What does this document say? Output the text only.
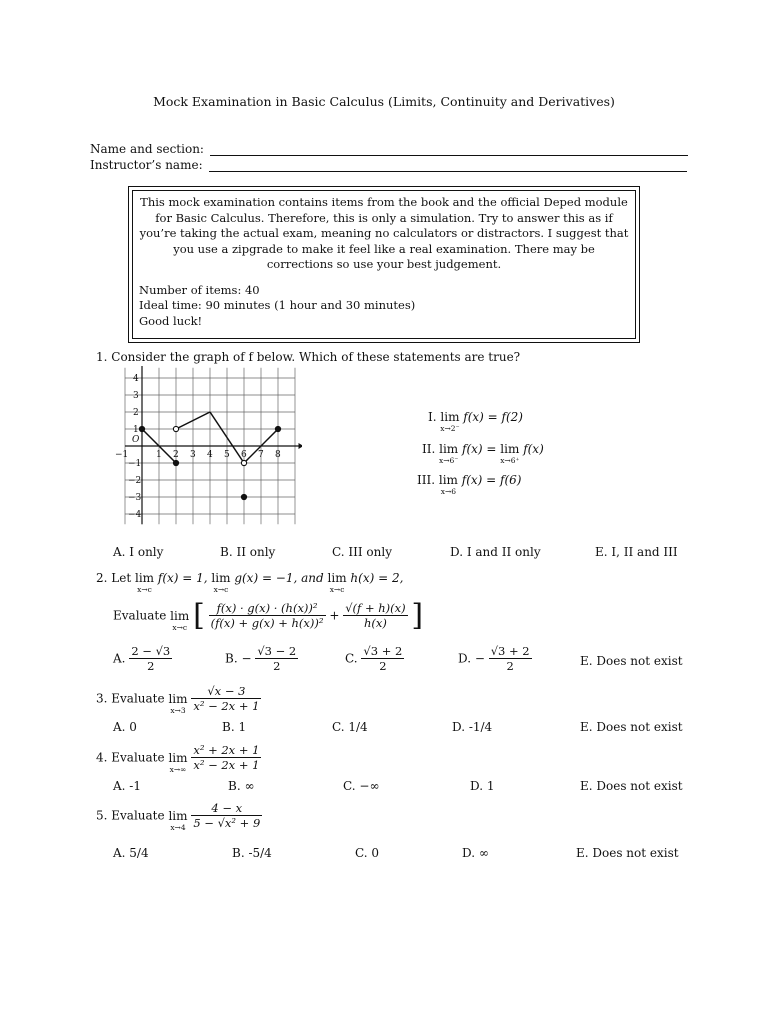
Mock Examination in Basic Calculus (Limits, Continuity and Derivatives)
Name and section:
Instructor’s name:
This mock examination contains items from the book and the official Deped module for Basic Calculus. Therefore, this is only a simulation. Try to answer this as if you’re taking the actual exam, meaning no calculators or distractors. I suggest that you use a zipgrade to make it feel like a real examination. There may be corrections so use your best judgement.
Number of items: 40
Ideal time: 90 minutes (1 hour and 30 minutes)
Good luck!
1. Consider the graph of f below. Which of these statements are true?
O
−1	1 2 3 4 5 6 7 8
4
3
2
1
−1
−2
−3
−4
I. lim
x→2⁻
f(x) = f(2)
II. lim
x→6⁻
f(x) = lim
x→6⁺
f(x)
III. lim
x→6
f(x) = f(6)
A. I only	B. II only	C. III only	D. I and II only	E. I, II and III
2. Let lim
x→c
f(x) = 1, lim
x→c
g(x) = −1, and lim
x→c
h(x) = 2,
Evaluate lim
x→c [ $\frac{\text{f(x) · g(x) · (h(x))²}}{\text{(f(x) + g(x) + h(x))²}} + \frac{√(f + h)(x)}{h(x)}$ ]
A. $\frac{2 - √3}{2}$	B. − $\frac{√3 - 2}{2}$	C. $\frac{√3 + 2}{2}$	D. − $\frac{√3 + 2}{2}$	E. Does not exist
3. Evaluate lim
x→3
$\frac{√x - 3}{\text{x² − 2x + 1}}$
A. 0	B. 1	C. 1/4	D. -1/4	E. Does not exist
4. Evaluate lim
x→∞
$\frac{\text{x² + 2x + 1}}{\text{x² − 2x + 1}}$
A. -1	B. ∞	C. −∞	D. 1	E. Does not exist
5. Evaluate lim
x→4
$\frac{4 - x}{\text{5 − √x² + 9}}$
A. 5/4	B. -5/4	C. 0	D. ∞	E. Does not exist
